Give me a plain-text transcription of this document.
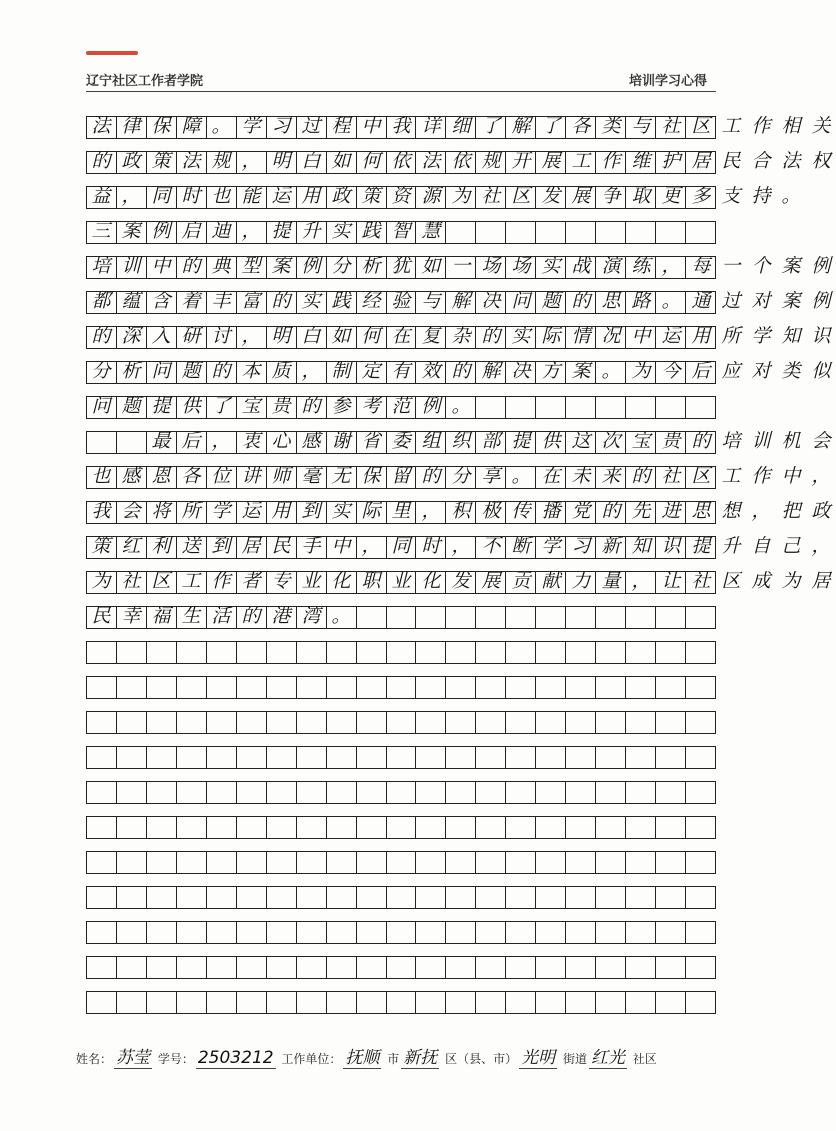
辽宁社区工作者学院	培训学习心得
法 律 保 障 。 学 习 过 程 中 我 详 细 了 解 了 各 类 与 社 区 工 作 相 关
的 政 策 法 规 ， 明 白 如 何 依 法 依 规 开 展 工 作 维 护 居 民 合 法 权
益 ， 同 时 也 能 运 用 政 策 资 源 为 社 区 发 展 争 取 更 多 支 持 。
三 案 例 启 迪 ， 提 升 实 践 智 慧
培 训 中 的 典 型 案 例 分 析 犹 如 一 场 场 实 战 演 练 ， 每 一 个 案 例
都 蕴 含 着 丰 富 的 实 践 经 验 与 解 决 问 题 的 思 路 。 通 过 对 案 例
的 深 入 研 讨 ， 明 白 如 何 在 复 杂 的 实 际 情 况 中 运 用 所 学 知 识
分 析 问 题 的 本 质 ， 制 定 有 效 的 解 决 方 案 。 为 今 后 应 对 类 似
问 题 提 供 了 宝 贵 的 参 考 范 例 。
最 后 ， 衷 心 感 谢 省 委 组 织 部 提 供 这 次 宝 贵 的 培 训 机 会
也 感 恩 各 位 讲 师 毫 无 保 留 的 分 享 。 在 未 来 的 社 区 工 作 中 ，
我 会 将 所 学 运 用 到 实 际 里 ， 积 极 传 播 党 的 先 进 思 想 ， 把 政
策 红 利 送 到 居 民 手 中 ， 同 时 ， 不 断 学 习 新 知 识 提 升 自 己 ，
为 社 区 工 作 者 专 业 化 职 业 化 发 展 贡 献 力 量 ， 让 社 区 成 为 居
民 幸 福 生 活 的 港 湾 。
姓名： 苏莹 学号： 2503212 工作单位： 抚顺 市 新抚 区（县、市） 光明 街道 红光 社区
